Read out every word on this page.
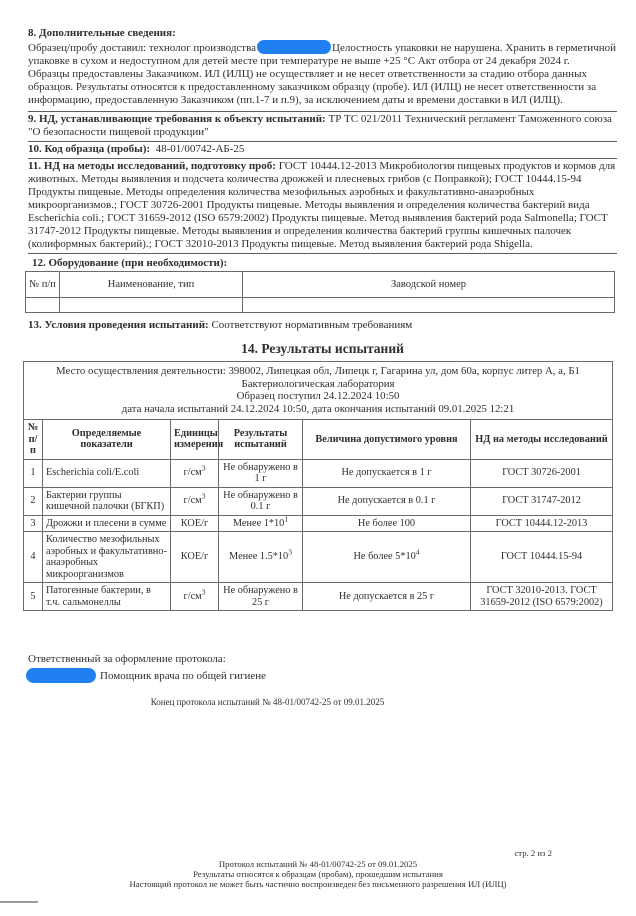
8. Дополнительные сведения:

Образец/пробу доставил: технолог производства	Целостность упаковки не нарушена. Хранить в герметичной упаковке в сухом и недоступном для детей месте при температуре не выше +25 °С Акт отбора от 24 декабря 2024 г.

Образцы предоставлены Заказчиком. ИЛ (ИЛЦ) не осуществляет и не несет ответственности за стадию отбора данных образцов. Результаты относятся к предоставленному заказчиком образцу (пробе). ИЛ (ИЛЦ) не несет ответственности за информацию, предоставленную Заказчиком (пп.1-7 и п.9), за исключением даты и времени доставки в ИЛ (ИЛЦ).

9. НД, устанавливающие требования к объекту испытаний: ТР ТС 021/2011 Технический регламент Таможенного союза "О безопасности пищевой продукции"

10. Код образца (пробы): 48-01/00742-АБ-25

11. НД на методы исследований, подготовку проб: ГОСТ 10444.12-2013 Микробиология пищевых продуктов и кормов для животных. Методы выявления и подсчета количества дрожжей и плесневых грибов (с Поправкой); ГОСТ 10444.15-94 Продукты пищевые. Методы определения количества мезофильных аэробных и факультативно-анаэробных микроорганизмов.; ГОСТ 30726-2001 Продукты пищевые. Методы выявления и определения количества бактерий вида Escherichia coli.; ГОСТ 31659-2012 (ISO 6579:2002) Продукты пищевые. Метод выявления бактерий рода Salmonella; ГОСТ 31747-2012 Продукты пищевые. Методы выявления и определения количества бактерий группы кишечных палочек (колиформных бактерий).; ГОСТ 32010-2013 Продукты пищевые. Метод выявления бактерий рода Shigella.

12. Оборудование (при необходимости):

№ п/п	Наименование, тип	Заводской номер

13. Условия проведения испытаний: Соответствуют нормативным требованиям

14. Результаты испытаний

Место осуществления деятельности: 398002, Липецкая обл, Липецк г, Гагарина ул, дом 60а, корпус литер А, а, Б1
Бактериологическая лаборатория
Образец поступил 24.12.2024 10:50
дата начала испытаний 24.12.2024 10:50, дата окончания испытаний 09.01.2025 12:21					

№ п/п	Определяемые показатели	Единицы измерения	Результаты испытаний	Величина допустимого уровня	НД на методы исследований
1	Escherichia coli/E.coli	$г/см^3$	Не обнаружено в 1 г	Не допускается в 1 г	ГОСТ 30726-2001
2	Бактерии группы кишечной палочки (БГКП)	$г/см^3$	Не обнаружено в 0.1 г	Не допускается в 0.1 г	ГОСТ 31747-2012
3	Дрожжи и плесени в сумме	КОЕ/г	Менее $1*10^1$	Не более 100	ГОСТ 10444.12-2013
4	Количество мезофильных аэробных и факультативно-анаэробных микроорганизмов	КОЕ/г	Менее $1.5*10^3$	Не более $5*10^4$	ГОСТ 10444.15-94
5	Патогенные бактерии, в т.ч. сальмонеллы	$г/см^3$	Не обнаружено в 25 г	Не допускается в 25 г	ГОСТ 32010-2013. ГОСТ 31659-2012 (ISO 6579:2002)

Ответственный за оформление протокола:

Помощник врача по общей гигиене

Конец протокола испытаний № 48-01/00742-25 от 09.01.2025

стр. 2 из 2

Протокол испытаний № 48-01/00742-25 от 09.01.2025

Результаты относятся к образцам (пробам), прошедшим испытания

Настоящий протокол не может быть частично воспроизведен без письменного разрешения ИЛ (ИЛЦ)
